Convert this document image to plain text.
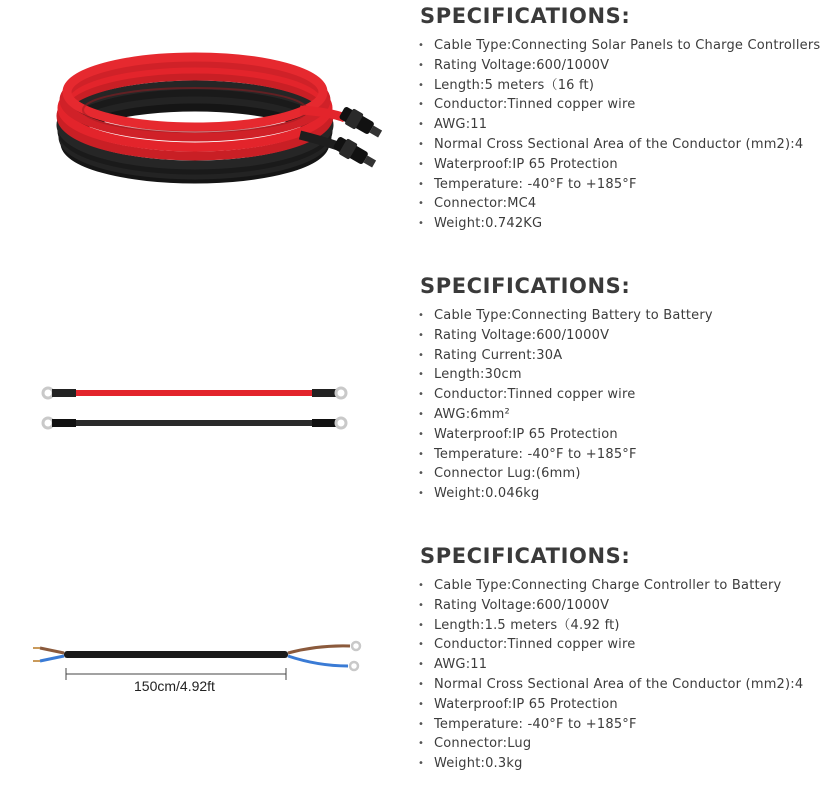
SPECIFICATIONS:
• Cable Type:Connecting Solar Panels to Charge Controllers
• Rating Voltage:600/1000V
• Length:5 meters（16 ft)
• Conductor:Tinned copper wire
• AWG:11
• Normal Cross Sectional Area of the Conductor (mm2):4
• Waterproof:IP 65 Protection
• Temperature: -40°F to +185°F
• Connector:MC4
• Weight:0.742KG
SPECIFICATIONS:
• Cable Type:Connecting Battery to Battery
• Rating Voltage:600/1000V
• Rating Current:30A
• Length:30cm
• Conductor:Tinned copper wire
• AWG:6mm²
• Waterproof:IP 65 Protection
• Temperature: -40°F to +185°F
• Connector Lug:(6mm)
• Weight:0.046kg
150cm/4.92ft
SPECIFICATIONS:
• Cable Type:Connecting Charge Controller to Battery
• Rating Voltage:600/1000V
• Length:1.5 meters（4.92 ft)
• Conductor:Tinned copper wire
• AWG:11
• Normal Cross Sectional Area of the Conductor (mm2):4
• Waterproof:IP 65 Protection
• Temperature: -40°F to +185°F
• Connector:Lug
• Weight:0.3kg
